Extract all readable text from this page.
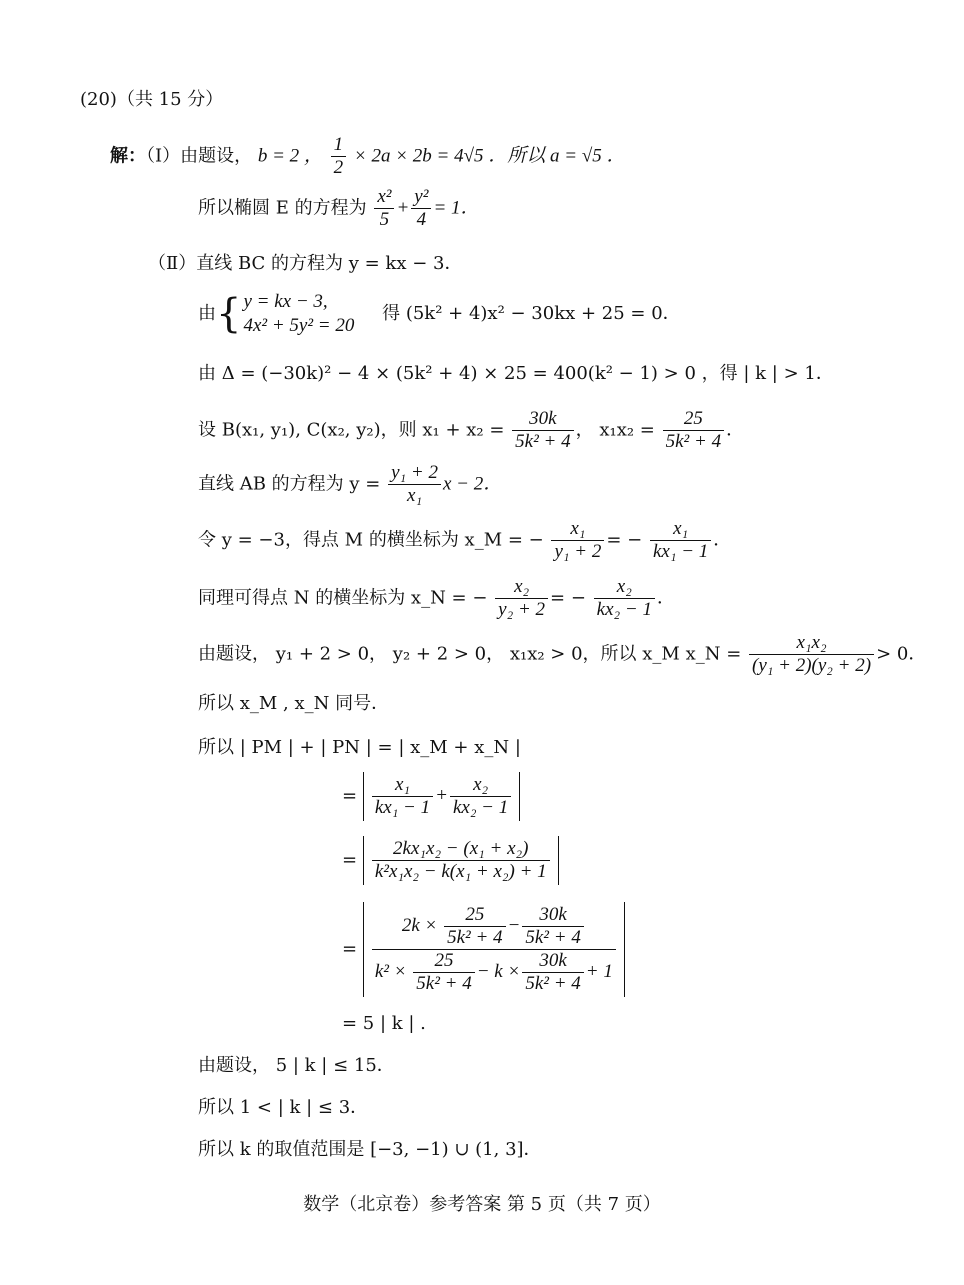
(20)（共 15 分）
解：（Ⅰ）由题设， b = 2 ， $\frac{1}{2} \times 2a \times 2b = 4√5$ ．所以 a = √5 ．
所以椭圆 E 的方程为 $\frac{\text{x²}}{5} + \frac{\text{y²}}{4} = 1$．
（Ⅱ）直线 BC 的方程为 y = kx − 3．
由{ y = kx − 3,
4x² + 5y² = 20
得 (5k² + 4)x² − 30kx + 25 = 0．
由 Δ = (−30k)² − 4 × (5k² + 4) × 25 = 400(k² − 1) > 0 ，得 | k | > 1．
设 B(x₁, y₁), C(x₂, y₂)，则 $x_1 + x_2 = \frac{30k}{\text{5k² + 4}}$ ， $x_1x_2 = \frac{25}{\text{5k² + 4}}$ ．
直线 AB 的方程为 $y = \frac{\text{y₁ + 2}}{\text{x₁}}$ x − 2．
令 y = −3，得点 M 的横坐标为 x_M = − $\frac{\text{x₁}}{\text{y₁ + 2}}$ = − $\frac{\text{x₁}}{\text{kx₁ − 1}}$ ．
同理可得点 N 的横坐标为 x_N = − $\frac{\text{x₂}}{\text{y₂ + 2}}$ = − $\frac{\text{x₂}}{\text{kx₂ − 1}}$ ．
由题设， y₁ + 2 > 0， y₂ + 2 > 0， x₁x₂ > 0，所以 x_M x_N = $\frac{\text{x₁x₂}}{\text{(y₁ + 2)(y₂ + 2)}} > 0$．
所以 x_M , x_N 同号．
所以 | PM | + | PN | = | x_M + x_N |
= $\frac{\text{x₁}}{\text{kx₁ − 1}} + \frac{\text{x₂}}{\text{kx₂ − 1}}$
= $\frac{\text{2kx₁x₂ − (x₁ + x₂)}}{\text{k²x₁x₂ − k(x₁ + x₂) + 1}}$
= $\frac{2k \times \frac{25}{\text{5k² + 4}} - \frac{30k}{\text{5k² + 4}}}{k^2 \times \frac{25}{\text{5k² + 4}} - k \times \frac{30k}{\text{5k² + 4}} + 1}$
= 5 | k | .
由题设， 5 | k | ≤ 15．
所以 1 < | k | ≤ 3．
所以 k 的取值范围是 [−3, −1) ∪ (1, 3]．
数学（北京卷）参考答案 第 5 页（共 7 页）
